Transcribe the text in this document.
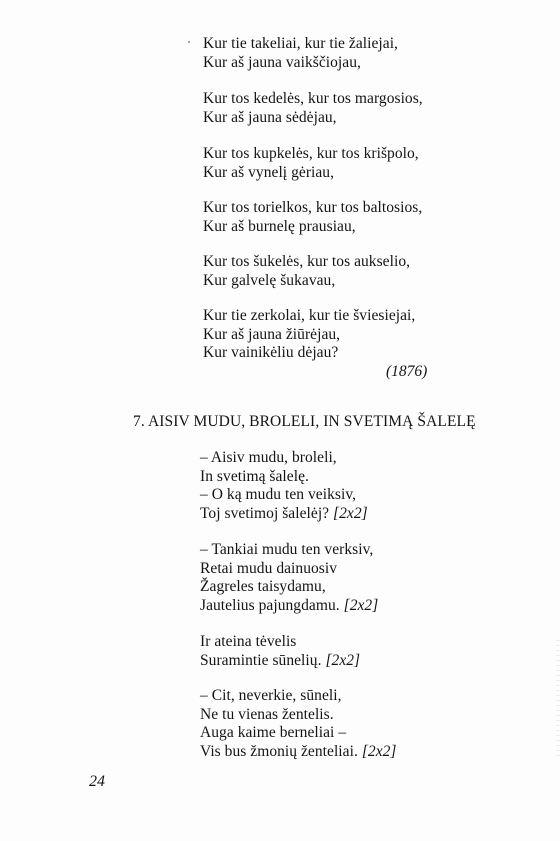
Kur tie takeliai, kur tie žaliejai,
Kur aš jauna vaikščiojau,
Kur tos kedelės, kur tos margosios,
Kur aš jauna sėdėjau,
Kur tos kupkelės, kur tos krišpolo,
Kur aš vynelį gėriau,
Kur tos torielkos, kur tos baltosios,
Kur aš burnelę prausiau,
Kur tos šukelės, kur tos aukselio,
Kur galvelę šukavau,
Kur tie zerkolai, kur tie šviesiejai,
Kur aš jauna žiūrėjau,
Kur vainikėliu dėjau?
(1876)
7. AISIV MUDU, BROLELI, IN SVETIMĄ ŠALELĘ
– Aisiv mudu, broleli,
In svetimą šalelę.
– O ką mudu ten veiksiv,
Toj svetimoj šalelėj? [2x2]
– Tankiai mudu ten verksiv,
Retai mudu dainuosiv
Žagreles taisydamu,
Jautelius pajungdamu. [2x2]
Ir ateina tėvelis
Suramintie sūnelių. [2x2]
– Cit, neverkie, sūneli,
Ne tu vienas žentelis.
Auga kaime berneliai –
Vis bus žmonių ženteliai. [2x2]
24
